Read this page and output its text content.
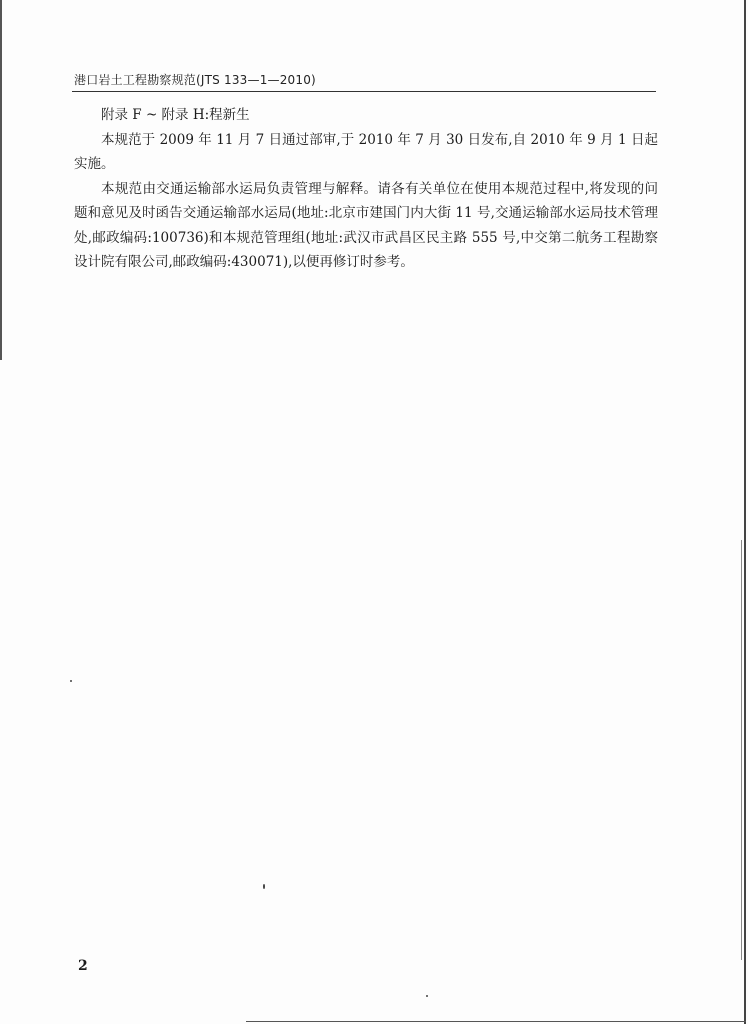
港口岩土工程勘察规范(JTS 133—1—2010)

附录 F ~ 附录 H:程新生

本规范于 2009 年 11 月 7 日通过部审,于 2010 年 7 月 30 日发布,自 2010 年 9 月 1 日起实施。

本规范由交通运输部水运局负责管理与解释。请各有关单位在使用本规范过程中,将发现的问题和意见及时函告交通运输部水运局(地址:北京市建国门内大街 11 号,交通运输部水运局技术管理处,邮政编码:100736)和本规范管理组(地址:武汉市武昌区民主路 555 号,中交第二航务工程勘察设计院有限公司,邮政编码:430071),以便再修订时参考。

2
